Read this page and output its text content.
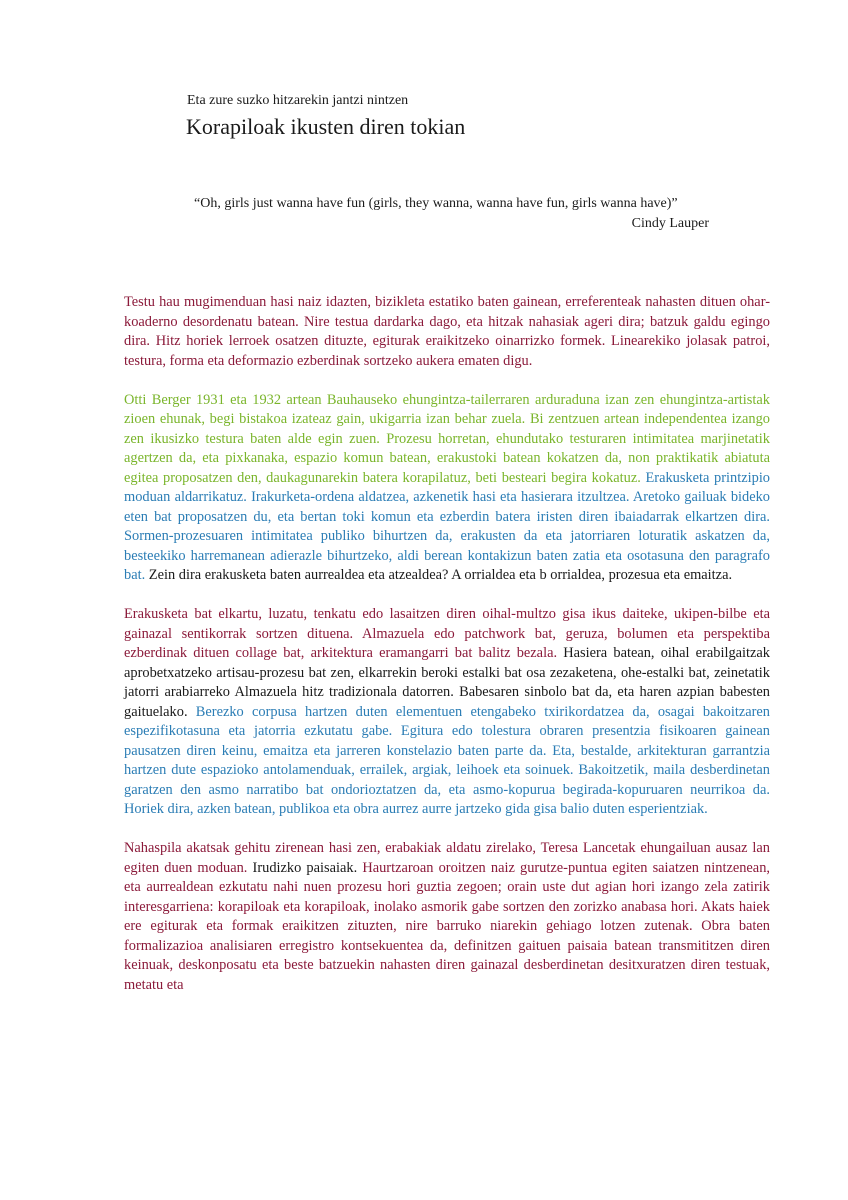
Eta zure suzko hitzarekin jantzi nintzen
Korapiloak ikusten diren tokian
“Oh, girls just wanna have fun (girls, they wanna, wanna have fun, girls wanna have)”
Cindy Lauper

Testu hau mugimenduan hasi naiz idazten, bizikleta estatiko baten gainean, erreferenteak nahasten dituen ohar-koaderno desordenatu batean. Nire testua dardarka dago, eta hitzak nahasiak ageri dira; batzuk galdu egingo dira. Hitz horiek lerroek osatzen dituzte, egiturak eraikitzeko oinarrizko formek. Linearekiko jolasak patroi, testura, forma eta deformazio ezberdinak sortzeko aukera ematen digu.

Otti Berger 1931 eta 1932 artean Bauhauseko ehungintza-tailerraren arduraduna izan zen ehungintza-artistak zioen ehunak, begi bistakoa izateaz gain, ukigarria izan behar zuela. Bi zentzuen artean independentea izango zen ikusizko testura baten alde egin zuen. Prozesu horretan, ehundutako testuraren intimitatea marjinetatik agertzen da, eta pixkanaka, espazio komun batean, erakustoki batean kokatzen da, non praktikatik abiatuta egitea proposatzen den, daukagunarekin batera korapilatuz, beti besteari begira kokatuz. Erakusketa printzipio moduan aldarrikatuz. Irakurketa-ordena aldatzea, azkenetik hasi eta hasierara itzultzea. Aretoko gailuak bideko eten bat proposatzen du, eta bertan toki komun eta ezberdin batera iristen diren ibaiadarrak elkartzen dira. Sormen-prozesuaren intimitatea publiko bihurtzen da, erakusten da eta jatorriaren loturatik askatzen da, besteekiko harremanean adierazle bihurtzeko, aldi berean kontakizun baten zatia eta osotasuna den paragrafo bat. Zein dira erakusketa baten aurrealdea eta atzealdea? A orrialdea eta b orrialdea, prozesua eta emaitza.

Erakusketa bat elkartu, luzatu, tenkatu edo lasaitzen diren oihal-multzo gisa ikus daiteke, ukipen-bilbe eta gainazal sentikorrak sortzen dituena. Almazuela edo patchwork bat, geruza, bolumen eta perspektiba ezberdinak dituen collage bat, arkitektura eramangarri bat balitz bezala. Hasiera batean, oihal erabilgaitzak aprobetxatzeko artisau-prozesu bat zen, elkarrekin beroki estalki bat osa zezaketena, ohe-estalki bat, zeinetatik jatorri arabiarreko Almazuela hitz tradizionala datorren. Babesaren sinbolo bat da, eta haren azpian babesten gaituelako. Berezko corpusa hartzen duten elementuen etengabeko txirikordatzea da, osagai bakoitzaren espezifikotasuna eta jatorria ezkutatu gabe. Egitura edo tolestura obraren presentzia fisikoaren gainean pausatzen diren keinu, emaitza eta jarreren konstelazio baten parte da. Eta, bestalde, arkitekturan garrantzia hartzen dute espazioko antolamenduak, errailek, argiak, leihoek eta soinuek. Bakoitzetik, maila desberdinetan garatzen den asmo narratibo bat ondorioztatzen da, eta asmo-kopurua begirada-kopuruaren neurrikoa da. Horiek dira, azken batean, publikoa eta obra aurrez aurre jartzeko gida gisa balio duten esperientziak.

Nahaspila akatsak gehitu zirenean hasi zen, erabakiak aldatu zirelako, Teresa Lancetak ehungailuan ausaz lan egiten duen moduan. Irudizko paisaiak. Haurtzaroan oroitzen naiz gurutze-puntua egiten saiatzen nintzenean, eta aurrealdean ezkutatu nahi nuen prozesu hori guztia zegoen; orain uste dut agian hori izango zela zatirik interesgarriena: korapiloak eta korapiloak, inolako asmorik gabe sortzen den zorizko anabasa hori. Akats haiek ere egiturak eta formak eraikitzen zituzten, nire barruko niarekin gehiago lotzen zutenak. Obra baten formalizazioa analisiaren erregistro kontsekuentea da, definitzen gaituen paisaia batean transmititzen diren keinuak, deskonposatu eta beste batzuekin nahasten diren gainazal desberdinetan desitxuratzen diren testuak, metatu eta
